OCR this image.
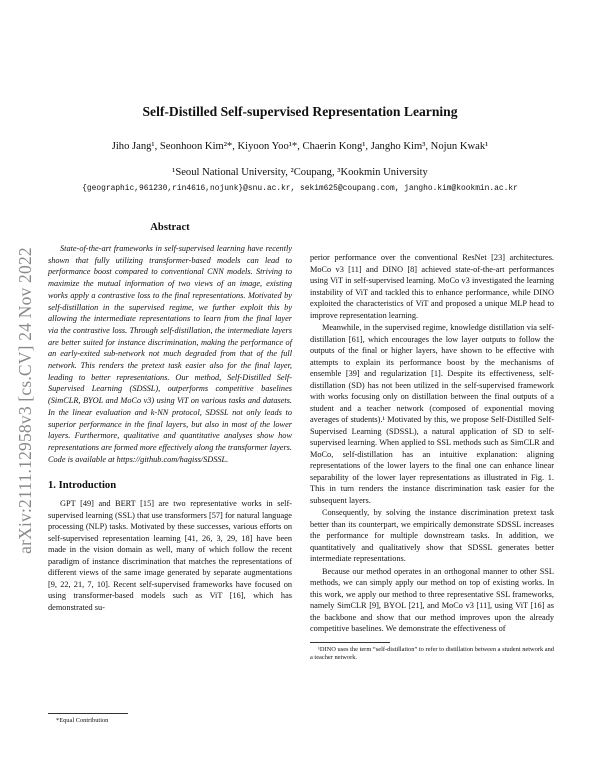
arXiv:2111.12958v3 [cs.CV] 24 Nov 2022
Self-Distilled Self-supervised Representation Learning
Jiho Jang¹, Seonhoon Kim²*, Kiyoon Yoo¹*, Chaerin Kong¹, Jangho Kim³, Nojun Kwak¹
¹Seoul National University, ²Coupang, ³Kookmin University
{geographic,961230,rin4616,nojunk}@snu.ac.kr, sekim625@coupang.com, jangho.kim@kookmin.ac.kr
Abstract

State-of-the-art frameworks in self-supervised learning have recently shown that fully utilizing transformer-based models can lead to performance boost compared to conventional CNN models. Striving to maximize the mutual information of two views of an image, existing works apply a contrastive loss to the final representations. Motivated by self-distillation in the supervised regime, we further exploit this by allowing the intermediate representations to learn from the final layer via the contrastive loss. Through self-distillation, the intermediate layers are better suited for instance discrimination, making the performance of an early-exited sub-network not much degraded from that of the full network. This renders the pretext task easier also for the final layer, leading to better representations. Our method, Self-Distilled Self-Supervised Learning (SDSSL), outperforms competitive baselines (SimCLR, BYOL and MoCo v3) using ViT on various tasks and datasets. In the linear evaluation and k-NN protocol, SDSSL not only leads to superior performance in the final layers, but also in most of the lower layers. Furthermore, qualitative and quantitative analyses show how representations are formed more effectively along the transformer layers. Code is available at https://github.com/hagiss/SDSSL.

1. Introduction

GPT [49] and BERT [15] are two representative works in self-supervised learning (SSL) that use transformers [57] for natural language processing (NLP) tasks. Motivated by these successes, various efforts on self-supervised representation learning [41, 26, 3, 29, 18] have been made in the vision domain as well, many of which follow the recent paradigm of instance discrimination that matches the representations of different views of the same image generated by separate augmentations [9, 22, 21, 7, 10]. Recent self-supervised frameworks have focused on using transformer-based models such as ViT [16], which has demonstrated su-

*Equal Contribution

perior performance over the conventional ResNet [23] architectures. MoCo v3 [11] and DINO [8] achieved state-of-the-art performances using ViT in self-supervised learning. MoCo v3 investigated the learning instability of ViT and tackled this to enhance performance, while DINO exploited the characteristics of ViT and proposed a unique MLP head to improve representation learning.

Meanwhile, in the supervised regime, knowledge distillation via self-distillation [61], which encourages the low layer outputs to follow the outputs of the final or higher layers, have shown to be effective with attempts to explain its performance boost by the mechanisms of ensemble [39] and regularization [1]. Despite its effectiveness, self-distillation (SD) has not been utilized in the self-supervised framework with works focusing only on distillation between the final outputs of a student and a teacher network (composed of exponential moving averages of students).¹ Motivated by this, we propose Self-Distilled Self-Supervised Learning (SDSSL), a natural application of SD to self-supervised learning. When applied to SSL methods such as SimCLR and MoCo, self-distillation has an intuitive explanation: aligning representations of the lower layers to the final one can enhance linear separability of the lower layer representations as illustrated in Fig. 1. This in turn renders the instance discrimination task easier for the subsequent layers.

Consequently, by solving the instance discrimination pretext task better than its counterpart, we empirically demonstrate SDSSL increases the performance for multiple downstream tasks. In addition, we quantitatively and qualitatively show that SDSSL generates better intermediate representations.

Because our method operates in an orthogonal manner to other SSL methods, we can simply apply our method on top of existing works. In this work, we apply our method to three representative SSL frameworks, namely SimCLR [9], BYOL [21], and MoCo v3 [11], using ViT [16] as the backbone and show that our method improves upon the already competitive baselines. We demonstrate the effectiveness of

¹DINO uses the term “self-distillation” to refer to distillation between a student network and a teacher network.
